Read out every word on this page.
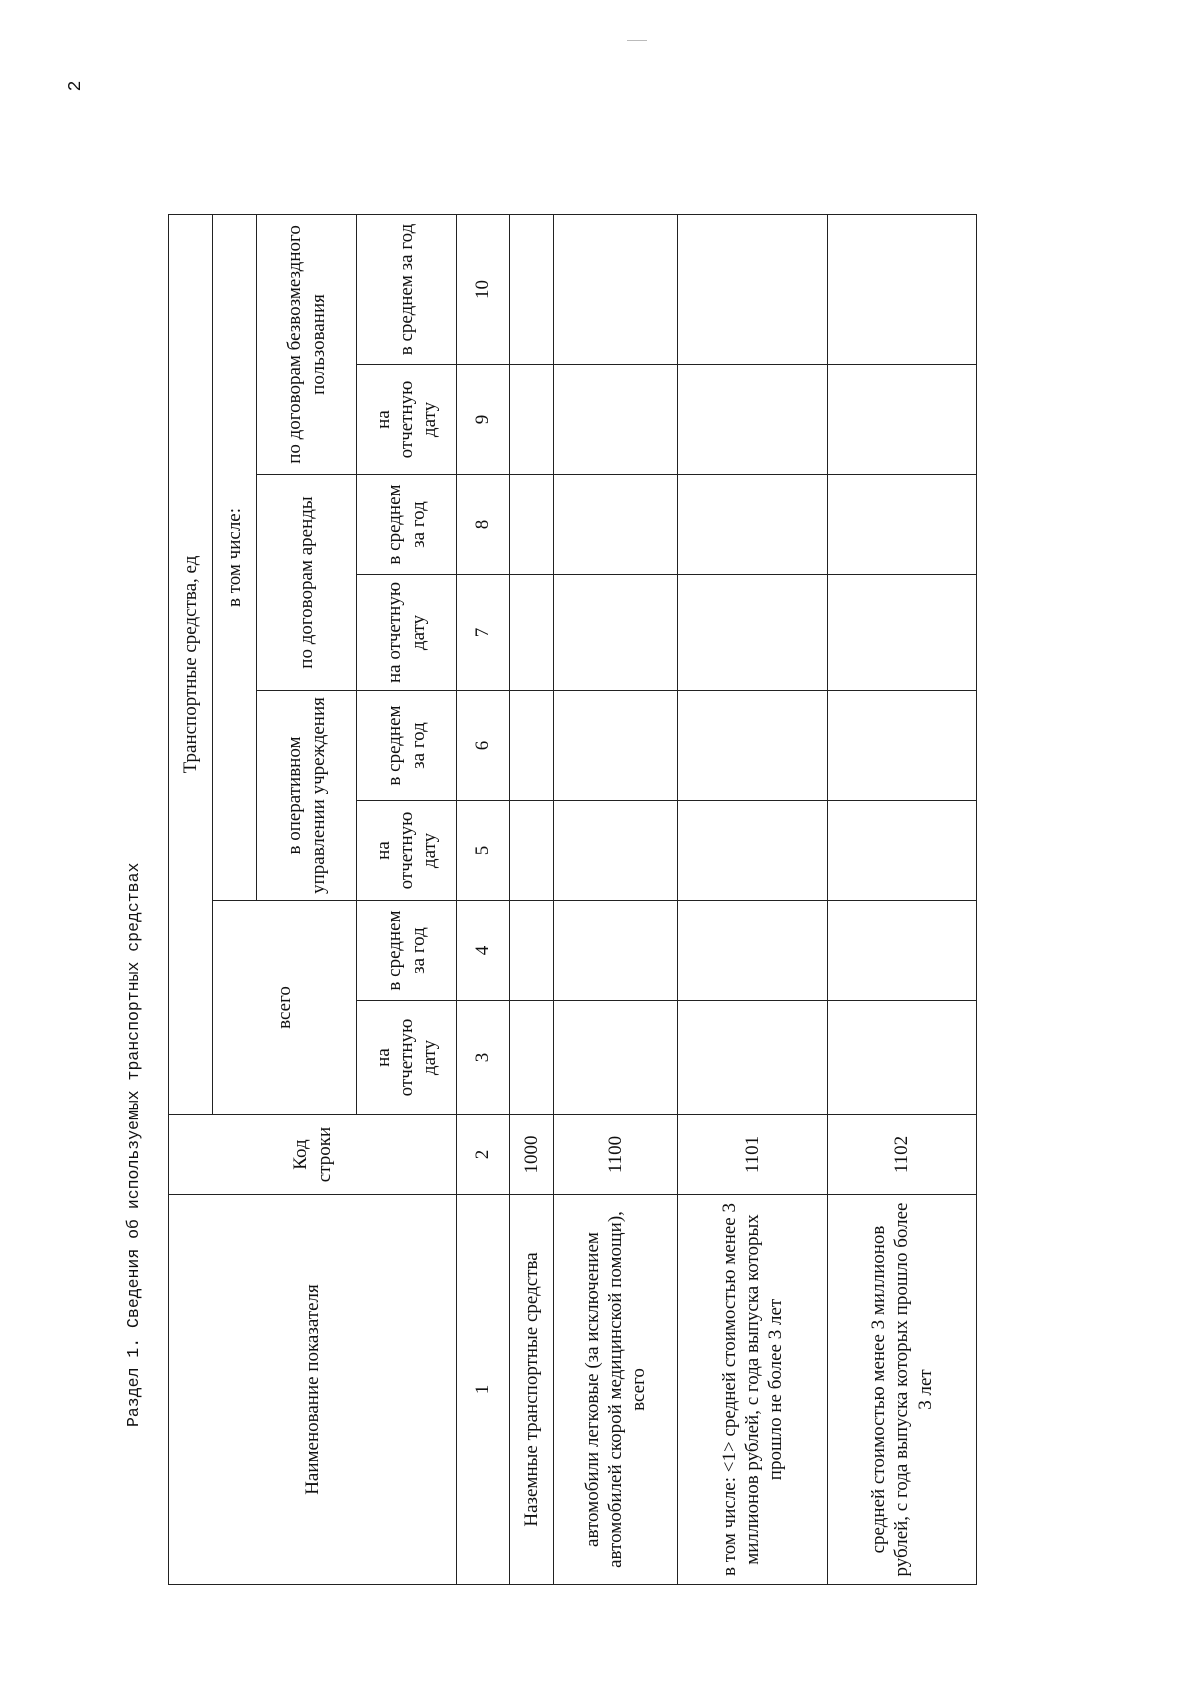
2
Раздел 1. Сведения об используемых транспортных средствах	Наименование показателя	Код строки	Транспортные средства, ед							
		всего		в том числе:					
				в оперативном управлении учреждения		по договорам аренды		по договорам безвозмездного пользования	
		на отчетную дату	в среднем за год	на отчетную дату	в среднем за год	на отчетную дату	в среднем за год	на отчетную дату	в среднем за год
1	2	3	4	5	6	7	8	9	10
Наземные транспортные средства	1000								
автомобили легковые (за исключением автомобилей скорой медицинской помощи), всего	1100								
в том числе: <1> средней стоимостью менее 3 миллионов рублей, с года выпуска которых прошло не более 3 лет	1101								
средней стоимостью менее 3 миллионов рублей, с года выпуска которых прошло более 3 лет	1102								
